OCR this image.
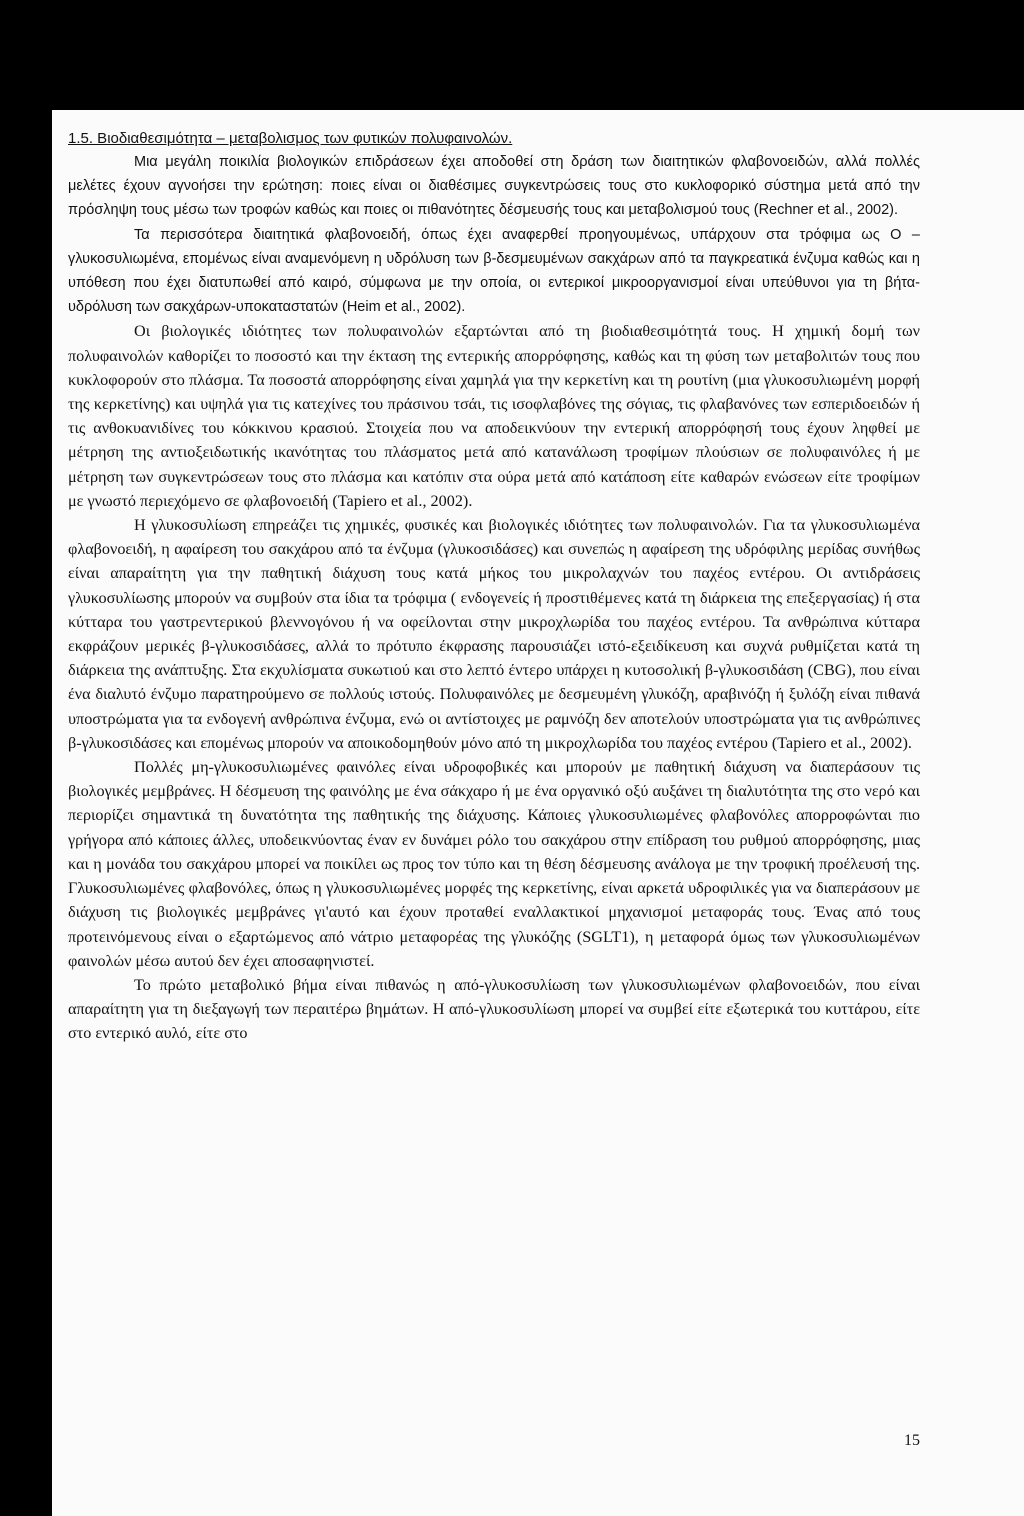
1.5. Βιοδιαθεσιμότητα – μεταβολισμος των φυτικών πολυφαινολών.

Μια μεγάλη ποικιλία βιολογικών επιδράσεων έχει αποδοθεί στη δράση των διαιτητικών φλαβονοειδών, αλλά πολλές μελέτες έχουν αγνοήσει την ερώτηση: ποιες είναι οι διαθέσιμες συγκεντρώσεις τους στο κυκλοφορικό σύστημα μετά από την πρόσληψη τους μέσω των τροφών καθώς και ποιες οι πιθανότητες δέσμευσής τους και μεταβολισμού τους (Rechner et al., 2002).

Τα περισσότερα διαιτητικά φλαβονοειδή, όπως έχει αναφερθεί προηγουμένως, υπάρχουν στα τρόφιμα ως O – γλυκοσυλιωμένα, επομένως είναι αναμενόμενη η υδρόλυση των β-δεσμευμένων σακχάρων από τα παγκρεατικά ένζυμα καθώς και η υπόθεση που έχει διατυπωθεί από καιρό, σύμφωνα με την οποία, οι εντερικοί μικροοργανισμοί είναι υπεύθυνοι για τη βήτα-υδρόλυση των σακχάρων-υποκαταστατών (Heim et al., 2002).

Οι βιολογικές ιδιότητες των πολυφαινολών εξαρτώνται από τη βιοδιαθεσιμότητά τους. Η χημική δομή των πολυφαινολών καθορίζει το ποσοστό και την έκταση της εντερικής απορρόφησης, καθώς και τη φύση των μεταβολιτών τους που κυκλοφορούν στο πλάσμα. Τα ποσοστά απορρόφησης είναι χαμηλά για την κερκετίνη και τη ρουτίνη (μια γλυκοσυλιωμένη μορφή της κερκετίνης) και υψηλά για τις κατεχίνες του πράσινου τσάι, τις ισοφλαβόνες της σόγιας, τις φλαβανόνες των εσπεριδοειδών ή τις ανθοκυανιδίνες του κόκκινου κρασιού. Στοιχεία που να αποδεικνύουν την εντερική απορρόφησή τους έχουν ληφθεί με μέτρηση της αντιοξειδωτικής ικανότητας του πλάσματος μετά από κατανάλωση τροφίμων πλούσιων σε πολυφαινόλες ή με μέτρηση των συγκεντρώσεων τους στο πλάσμα και κατόπιν στα ούρα μετά από κατάποση είτε καθαρών ενώσεων είτε τροφίμων με γνωστό περιεχόμενο σε φλαβονοειδή (Tapiero et al., 2002).

Η γλυκοσυλίωση επηρεάζει τις χημικές, φυσικές και βιολογικές ιδιότητες των πολυφαινολών. Για τα γλυκοσυλιωμένα φλαβονοειδή, η αφαίρεση του σακχάρου από τα ένζυμα (γλυκοσιδάσες) και συνεπώς η αφαίρεση της υδρόφιλης μερίδας συνήθως είναι απαραίτητη για την παθητική διάχυση τους κατά μήκος του μικρολαχνών του παχέος εντέρου. Οι αντιδράσεις γλυκοσυλίωσης μπορούν να συμβούν στα ίδια τα τρόφιμα ( ενδογενείς ή προστιθέμενες κατά τη διάρκεια της επεξεργασίας) ή στα κύτταρα του γαστρεντερικού βλεννογόνου ή να οφείλονται στην μικροχλωρίδα του παχέος εντέρου. Τα ανθρώπινα κύτταρα εκφράζουν μερικές β-γλυκοσιδάσες, αλλά το πρότυπο έκφρασης παρουσιάζει ιστό-εξειδίκευση και συχνά ρυθμίζεται κατά τη διάρκεια της ανάπτυξης. Στα εκχυλίσματα συκωτιού και στο λεπτό έντερο υπάρχει η κυτοσολική β-γλυκοσιδάση (CBG), που είναι ένα διαλυτό ένζυμο παρατηρούμενο σε πολλούς ιστούς. Πολυφαινόλες με δεσμευμένη γλυκόζη, αραβινόζη ή ξυλόζη είναι πιθανά υποστρώματα για τα ενδογενή ανθρώπινα ένζυμα, ενώ οι αντίστοιχες με ραμνόζη δεν αποτελούν υποστρώματα για τις ανθρώπινες β-γλυκοσιδάσες και επομένως μπορούν να αποικοδομηθούν μόνο από τη μικροχλωρίδα του παχέος εντέρου (Tapiero et al., 2002).

Πολλές μη-γλυκοσυλιωμένες φαινόλες είναι υδροφοβικές και μπορούν με παθητική διάχυση να διαπεράσουν τις βιολογικές μεμβράνες. Η δέσμευση της φαινόλης με ένα σάκχαρο ή με ένα οργανικό οξύ αυξάνει τη διαλυτότητα της στο νερό και περιορίζει σημαντικά τη δυνατότητα της παθητικής της διάχυσης. Κάποιες γλυκοσυλιωμένες φλαβονόλες απορροφώνται πιο γρήγορα από κάποιες άλλες, υποδεικνύοντας έναν εν δυνάμει ρόλο του σακχάρου στην επίδραση του ρυθμού απορρόφησης, μιας και η μονάδα του σακχάρου μπορεί να ποικίλει ως προς τον τύπο και τη θέση δέσμευσης ανάλογα με την τροφική προέλευσή της. Γλυκοσυλιωμένες φλαβονόλες, όπως η γλυκοσυλιωμένες μορφές της κερκετίνης, είναι αρκετά υδροφιλικές για να διαπεράσουν με διάχυση τις βιολογικές μεμβράνες γι'αυτό και έχουν προταθεί εναλλακτικοί μηχανισμοί μεταφοράς τους. Ένας από τους προτεινόμενους είναι ο εξαρτώμενος από νάτριο μεταφορέας της γλυκόζης (SGLT1), η μεταφορά όμως των γλυκοσυλιωμένων φαινολών μέσω αυτού δεν έχει αποσαφηνιστεί.

Το πρώτο μεταβολικό βήμα είναι πιθανώς η από-γλυκοσυλίωση των γλυκοσυλιωμένων φλαβονοειδών, που είναι απαραίτητη για τη διεξαγωγή των περαιτέρω βημάτων. Η από-γλυκοσυλίωση μπορεί να συμβεί είτε εξωτερικά του κυττάρου, είτε στο εντερικό αυλό, είτε στο

15
